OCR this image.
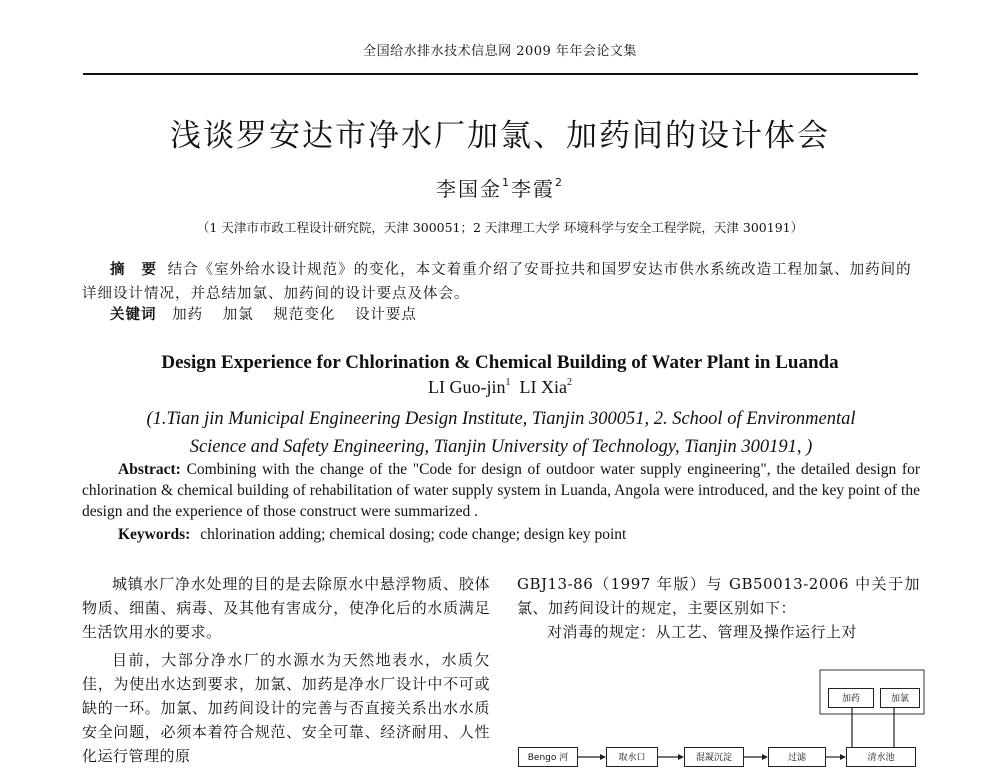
全国给水排水技术信息网 2009 年年会论文集
浅谈罗安达市净水厂加氯、加药间的设计体会
李国金$^1$李霞$^2$
（1 天津市市政工程设计研究院，天津 300051；2 天津理工大学 环境科学与安全工程学院，天津 300191）
摘 要 结合《室外给水设计规范》的变化，本文着重介绍了安哥拉共和国罗安达市供水系统改造工程加氯、加药间的详细设计情况，并总结加氯、加药间的设计要点及体会。
关键词 加药 加氯 规范变化 设计要点
Design Experience for Chlorination & Chemical Building of Water Plant in Luanda
LI Guo-jin$^1$ LI Xia$^2$
(1.Tian jin Municipal Engineering Design Institute, Tianjin 300051, 2. School of Environmental
Science and Safety Engineering, Tianjin University of Technology, Tianjin 300191, )
Abstract: Combining with the change of the "Code for design of outdoor water supply engineering", the detailed design for chlorination & chemical building of rehabilitation of water supply system in Luanda, Angola were introduced, and the key point of the design and the experience of those construct were summarized .
Keywords: chlorination adding; chemical dosing; code change; design key point

城镇水厂净水处理的目的是去除原水中悬浮物质、胶体物质、细菌、病毒、及其他有害成分，使净化后的水质满足生活饮用水的要求。

目前，大部分净水厂的水源水为天然地表水，水质欠佳，为使出水达到要求，加氯、加药是净水厂设计中不可或缺的一环。加氯、加药间设计的完善与否直接关系出水水质安全问题，必须本着符合规范、安全可靠、经济耐用、人性化运行管理的原

GBJ13-86（1997 年版）与 GB50013-2006 中关于加氯、加药间设计的规定，主要区别如下：

对消毒的规定：从工艺、管理及操作运行上对

加药	加氯
Bengo 河	取水口	混凝沉淀	过滤	清水池
